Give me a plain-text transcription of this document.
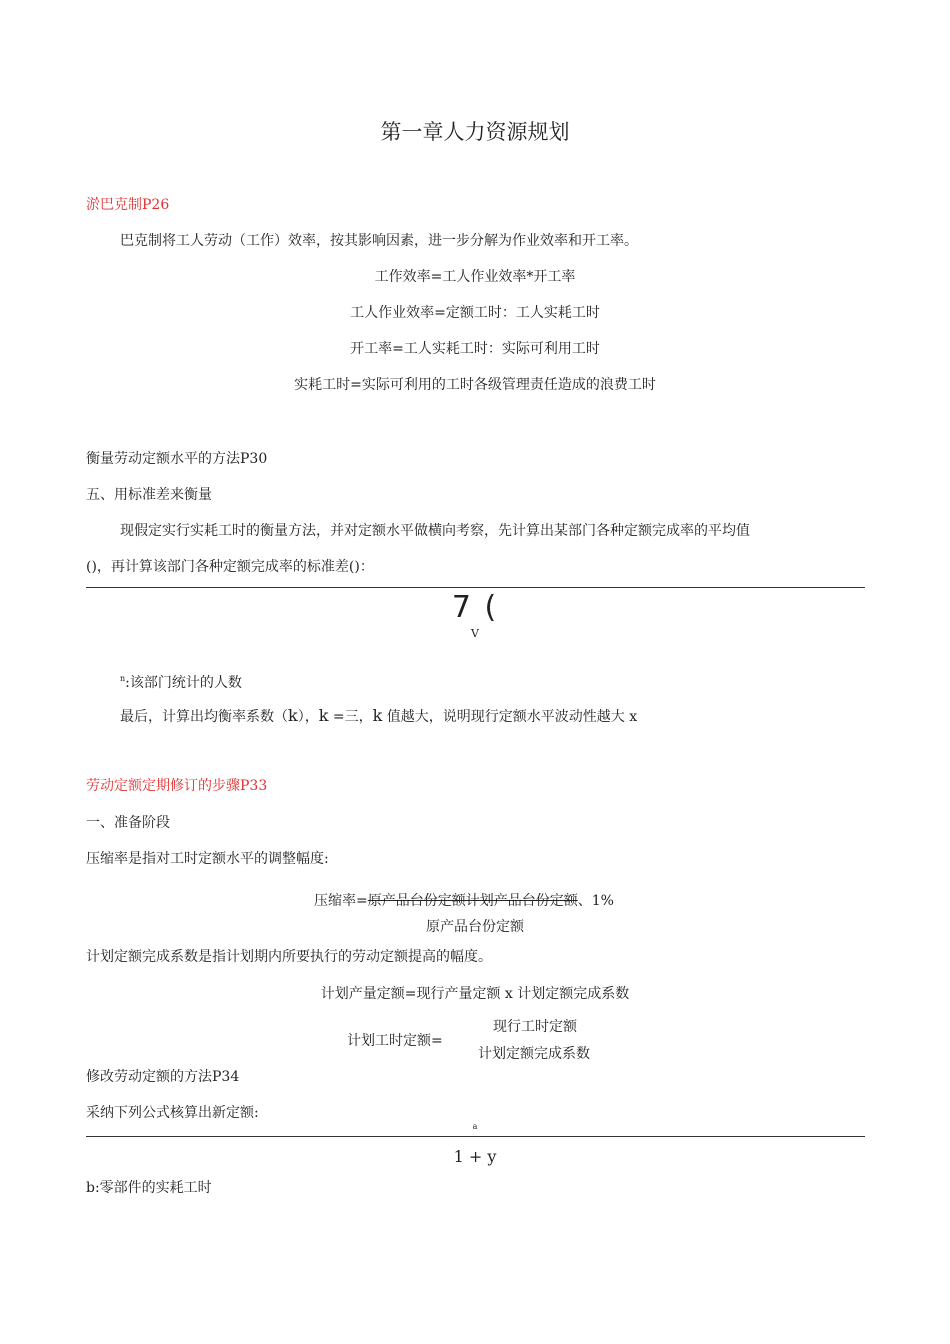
第一章人力资源规划
淤巴克制P26
巴克制将工人劳动（工作）效率，按其影响因素，进一步分解为作业效率和开工率。
工作效率=工人作业效率*开工率
工人作业效率=定额工时：工人实耗工时
开工率=工人实耗工时：实际可利用工时
实耗工时=实际可利用的工时各级管理责任造成的浪费工时
衡量劳动定额水平的方法P30
五、用标准差来衡量
现假定实行实耗工时的衡量方法，并对定额水平做横向考察，先计算出某部门各种定额完成率的平均值
()，再计算该部门各种定额完成率的标准差()：
7 (
V
$^n$:该部门统计的人数
最后，计算出均衡率系数（k），k =三，k 值越大，说明现行定额水平波动性越大 x
劳动定额定期修订的步骤P33
一、准备阶段
压缩率是指对工时定额水平的调整幅度:
压缩率=原产品台份定额计划产品台份定额、1%
原产品台份定额
计划定额完成系数是指计划期内所要执行的劳动定额提高的幅度。
计划产量定额=现行产量定额 x 计划定额完成系数
计划工时定额=
现行工时定额
计划定额完成系数
修改劳动定额的方法P34
采纳下列公式核算出新定额:
a
1 + y
b:零部件的实耗工时
